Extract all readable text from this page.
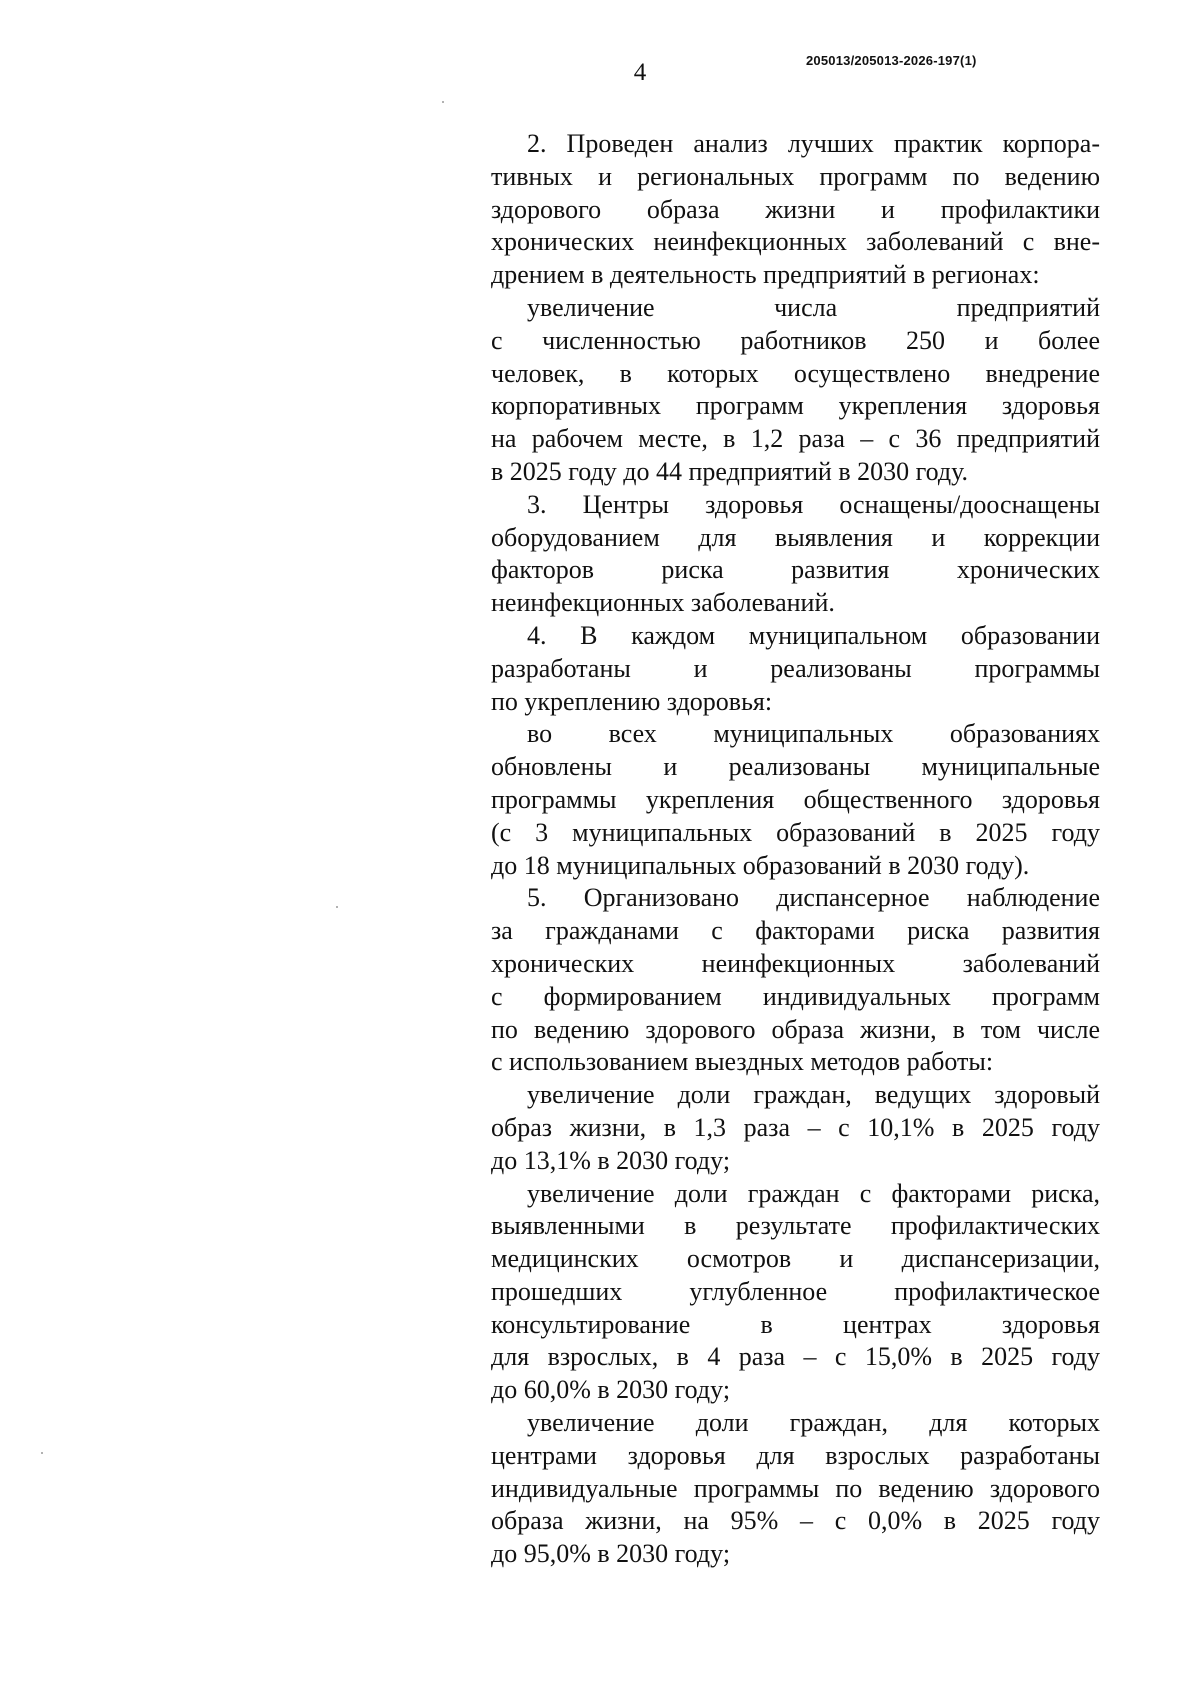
4	205013/205013-2026-197(1)

2. Проведен анализ лучших практик корпора-
тивных и региональных программ по ведению
здорового образа жизни и профилактики
хронических неинфекционных заболеваний с вне-
дрением в деятельность предприятий в регионах:

увеличение числа предприятий
с численностью работников 250 и более
человек, в которых осуществлено внедрение
корпоративных программ укрепления здоровья
на рабочем месте, в 1,2 раза – с 36 предприятий
в 2025 году до 44 предприятий в 2030 году.

3. Центры здоровья оснащены/дооснащены
оборудованием для выявления и коррекции
факторов риска развития хронических
неинфекционных заболеваний.

4. В каждом муниципальном образовании
разработаны и реализованы программы
по укреплению здоровья:

во всех муниципальных образованиях
обновлены и реализованы муниципальные
программы укрепления общественного здоровья
(с 3 муниципальных образований в 2025 году
до 18 муниципальных образований в 2030 году).

5. Организовано диспансерное наблюдение
за гражданами с факторами риска развития
хронических неинфекционных заболеваний
с формированием индивидуальных программ
по ведению здорового образа жизни, в том числе
с использованием выездных методов работы:

увеличение доли граждан, ведущих здоровый
образ жизни, в 1,3 раза – с 10,1% в 2025 году
до 13,1% в 2030 году;

увеличение доли граждан с факторами риска,
выявленными в результате профилактических
медицинских осмотров и диспансеризации,
прошедших углубленное профилактическое
консультирование в центрах здоровья
для взрослых, в 4 раза – с 15,0% в 2025 году
до 60,0% в 2030 году;

увеличение доли граждан, для которых
центрами здоровья для взрослых разработаны
индивидуальные программы по ведению здорового
образа жизни, на 95% – с 0,0% в 2025 году
до 95,0% в 2030 году;
